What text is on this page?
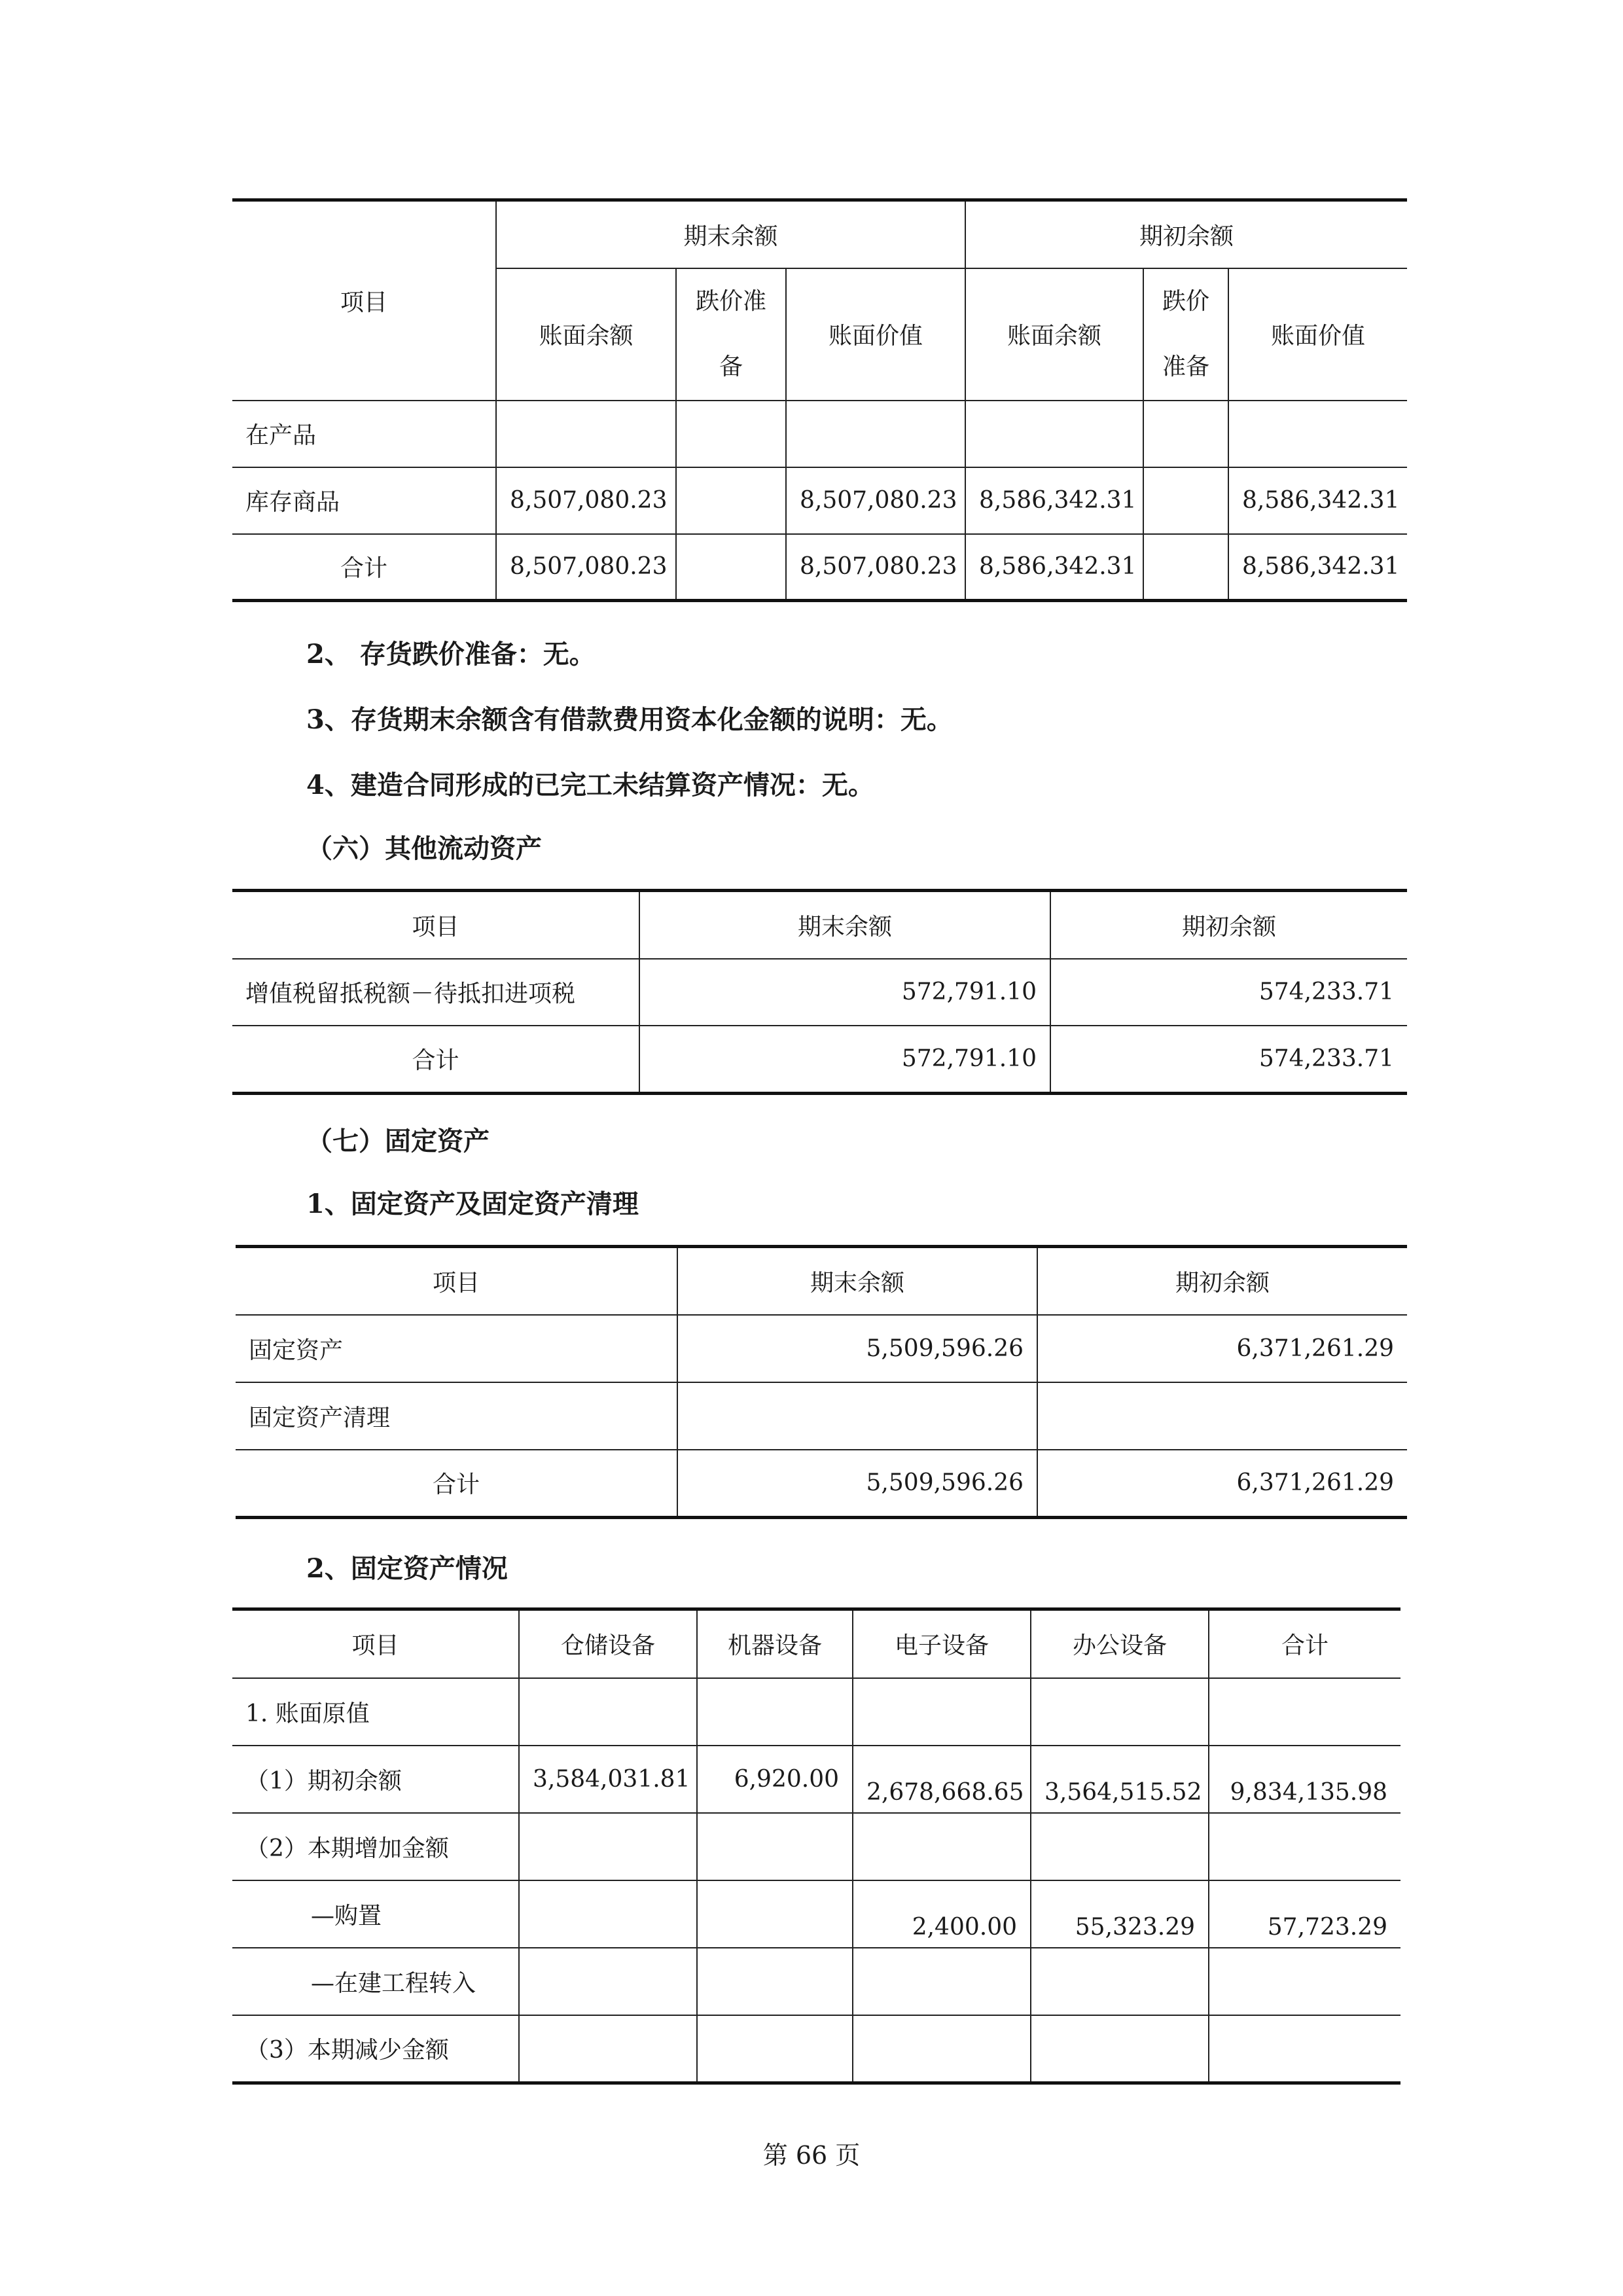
项目	期末余额			期初余额		
	账面余额	跌价准备	账面价值	账面余额	跌价准备	账面价值
在产品						
库存商品	8,507,080.23		8,507,080.23	8,586,342.31		8,586,342.31
合计	8,507,080.23		8,507,080.23	8,586,342.31		8,586,342.31
2、 存货跌价准备：无。
3、存货期末余额含有借款费用资本化金额的说明：无。
4、建造合同形成的已完工未结算资产情况：无。
（六）其他流动资产
项目	期末余额	期初余额
增值税留抵税额－待抵扣进项税	572,791.10	574,233.71
合计	572,791.10	574,233.71
（七）固定资产
1、固定资产及固定资产清理
项目	期末余额	期初余额
固定资产	5,509,596.26	6,371,261.29
固定资产清理		
合计	5,509,596.26	6,371,261.29
2、固定资产情况
项目	仓储设备	机器设备	电子设备	办公设备	合计
1. 账面原值					
（1）期初余额	3,584,031.81	6,920.00	2,678,668.65	3,564,515.52	9,834,135.98
（2）本期增加金额					
—购置			2,400.00	55,323.29	57,723.29
—在建工程转入					
（3）本期减少金额					
第 66 页
